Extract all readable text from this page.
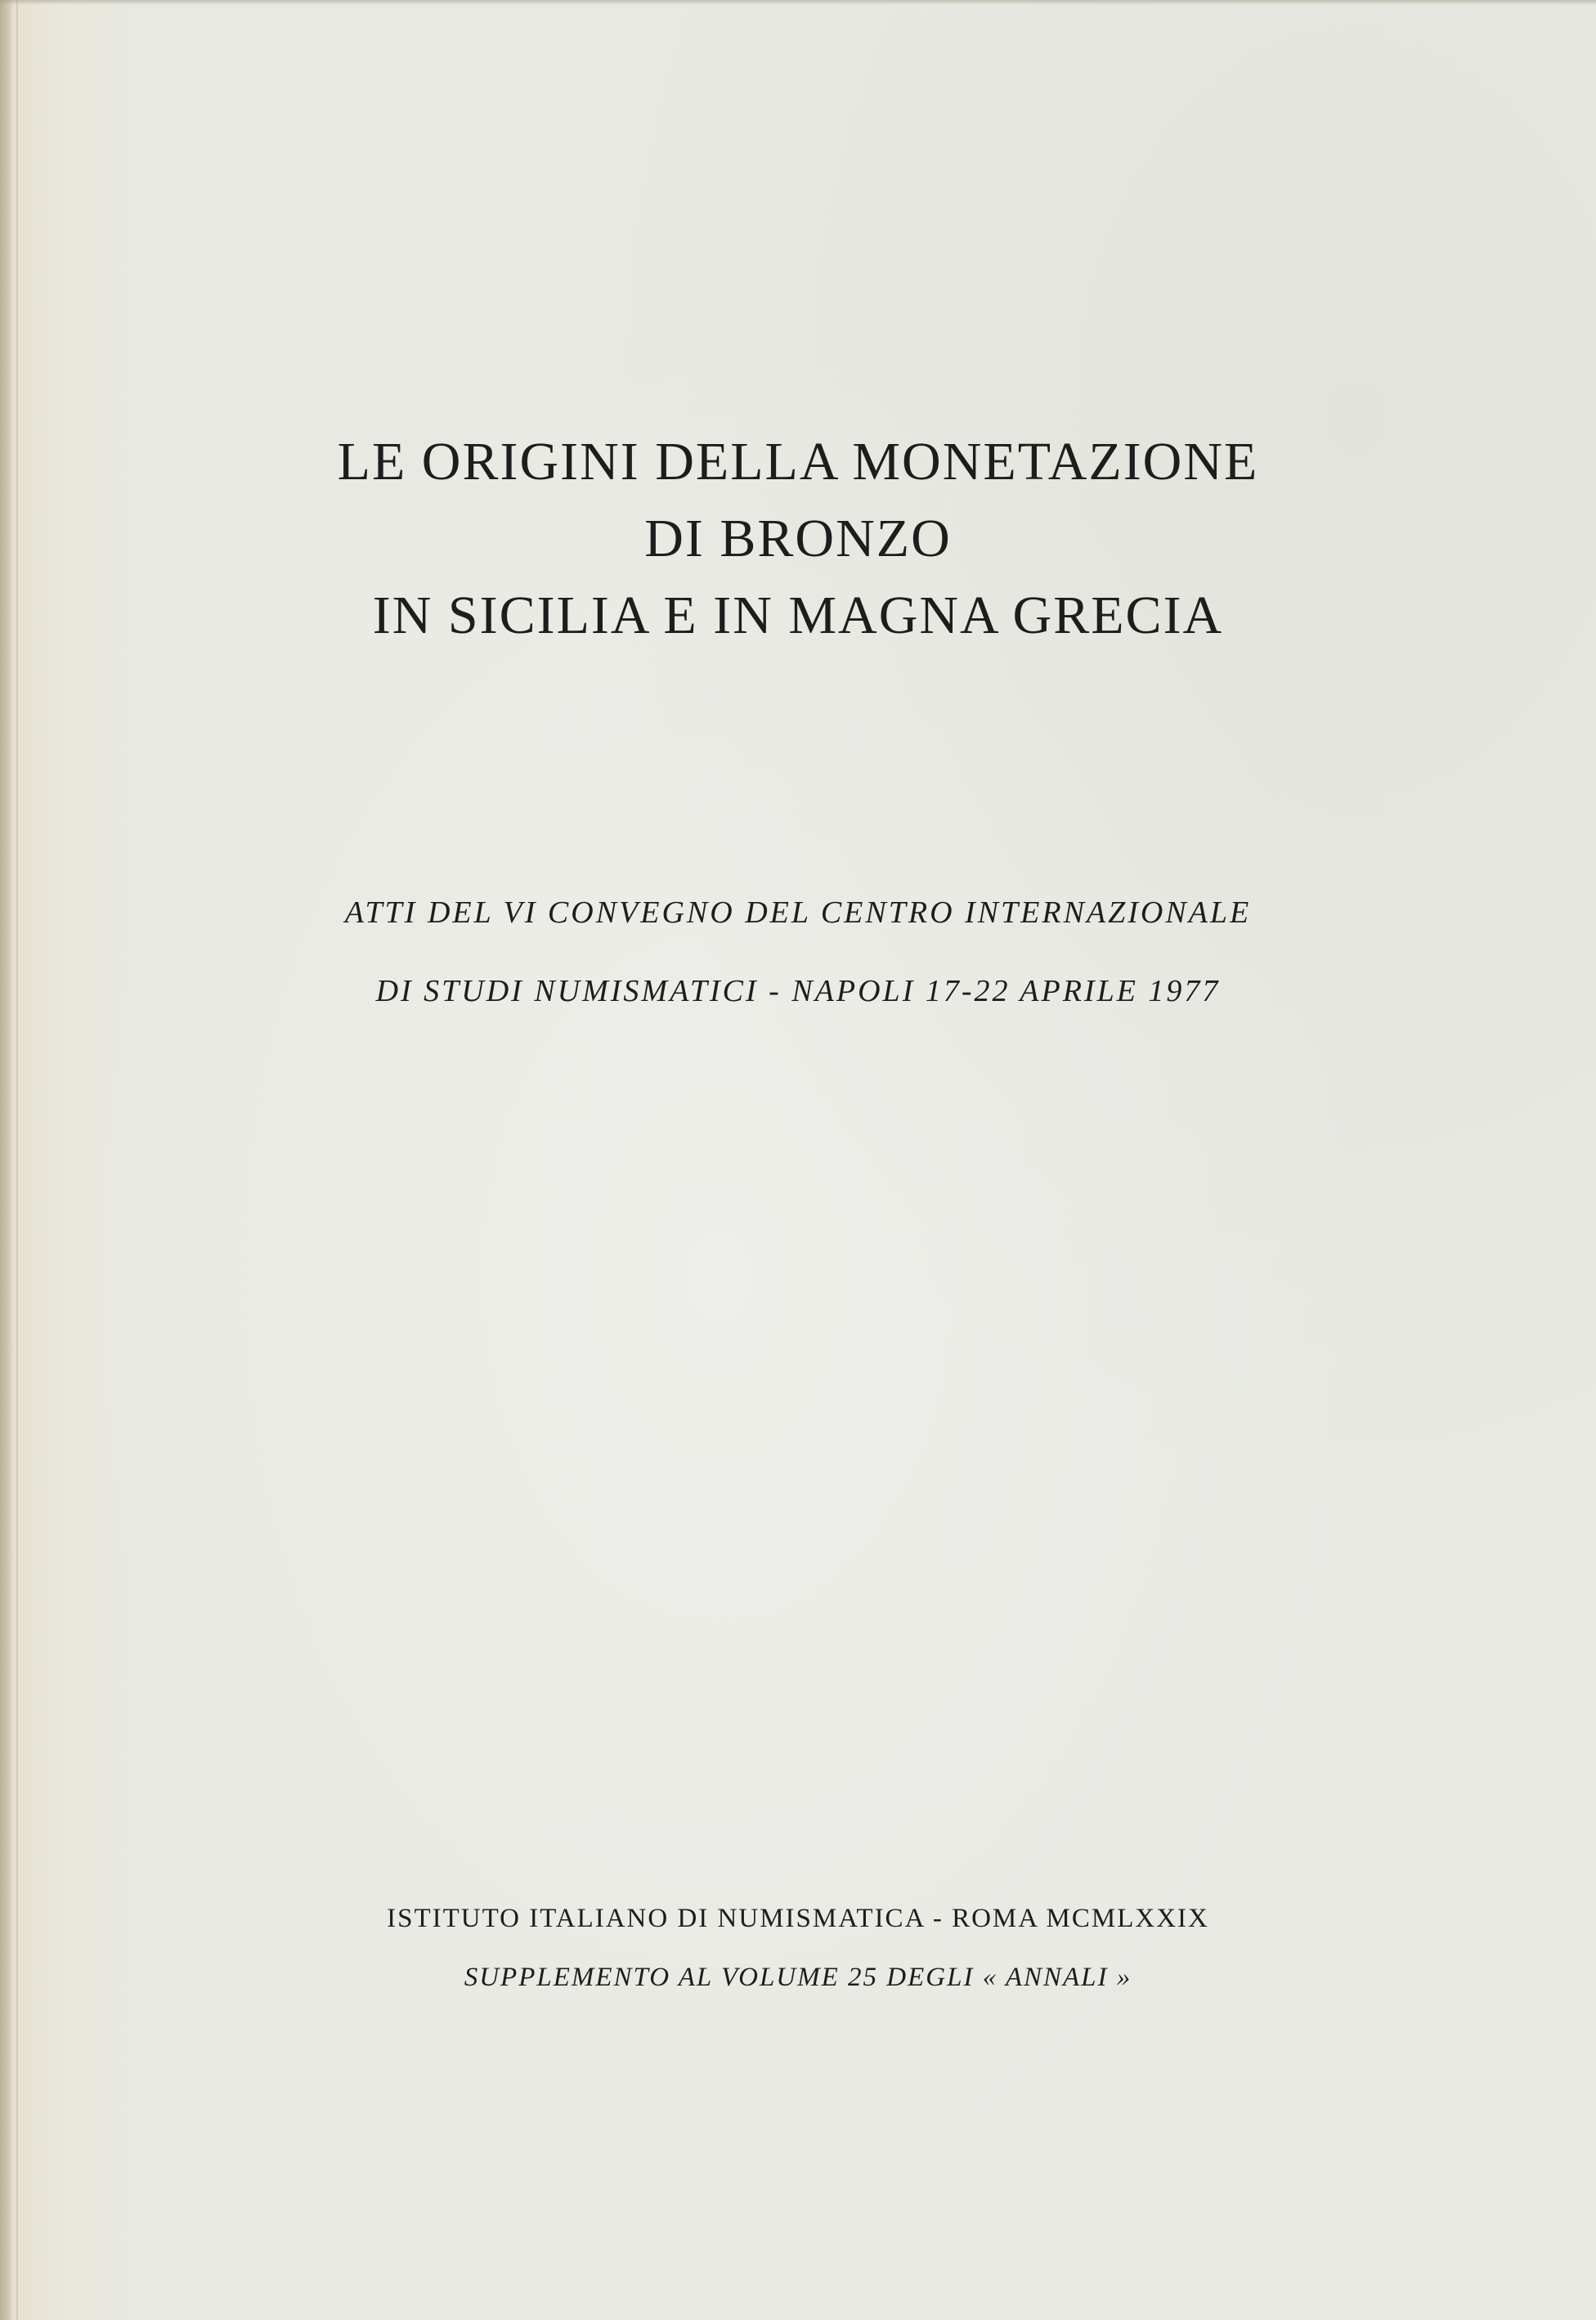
LE ORIGINI DELLA MONETAZIONE
DI BRONZO
IN SICILIA E IN MAGNA GRECIA
ATTI DEL VI CONVEGNO DEL CENTRO INTERNAZIONALE
DI STUDI NUMISMATICI - NAPOLI 17-22 APRILE 1977
ISTITUTO ITALIANO DI NUMISMATICA - ROMA MCMLXXIX
SUPPLEMENTO AL VOLUME 25 DEGLI « ANNALI »
